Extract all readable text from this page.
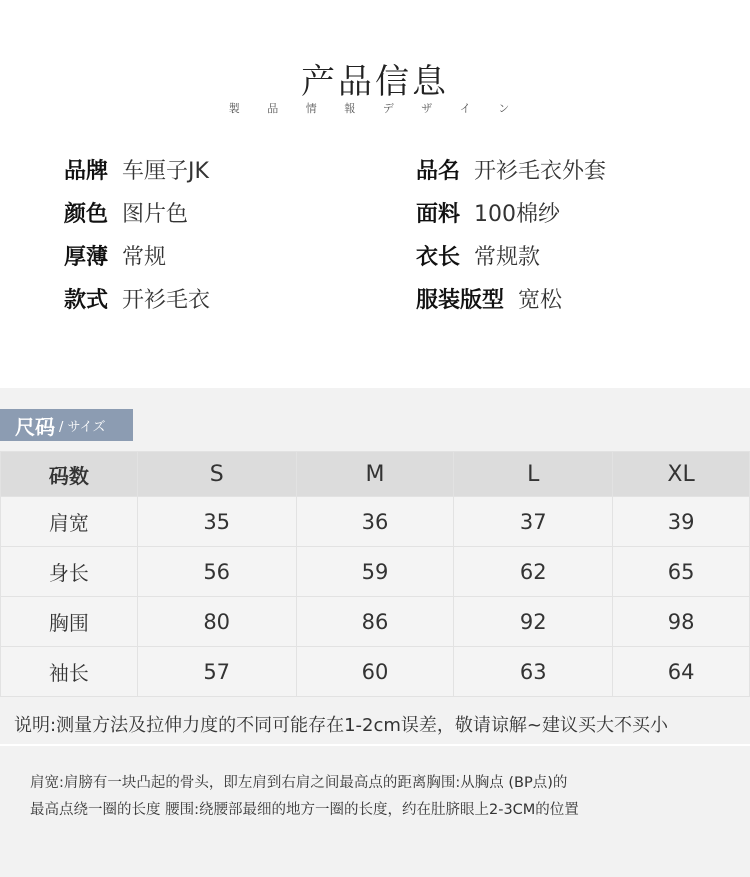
产品信息
製 品 情 報 デ ザ イ ン
品牌 车厘子JK
颜色 图片色
厚薄 常规
款式 开衫毛衣
品名 开衫毛衣外套
面料 100棉纱
衣长 常规款
服装版型 宽松
尺码 / サイズ
码数	S	M	L	XL
肩宽	35	36	37	39
身长	56	59	62	65
胸围	80	86	92	98
袖长	57	60	63	64
说明:测量方法及拉伸力度的不同可能存在1-2cm误差，敬请谅解~建议买大不买小
肩宽:肩膀有一块凸起的骨头，即左肩到右肩之间最高点的距离胸围:从胸点 (BP点)的
最高点绕一圈的长度 腰围:绕腰部最细的地方一圈的长度，约在肚脐眼上2-3CM的位置
